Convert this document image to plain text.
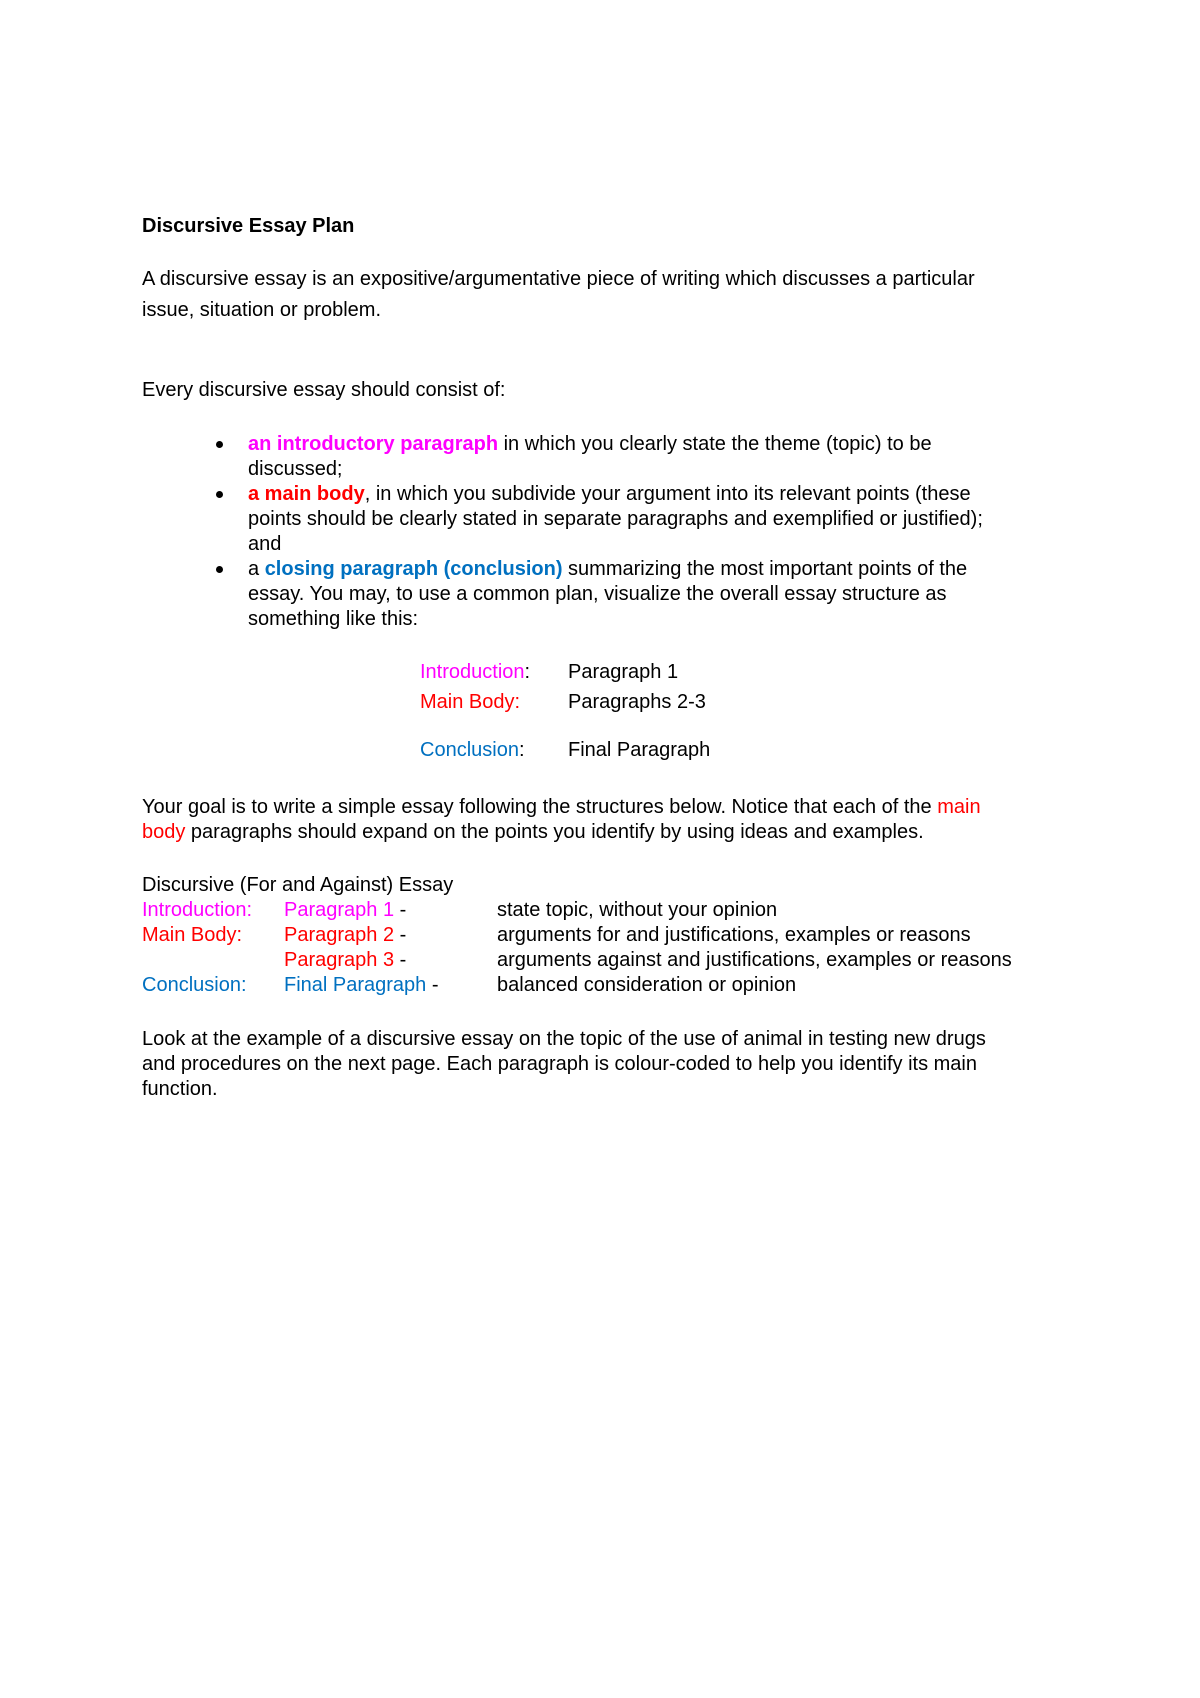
Discursive Essay Plan
A discursive essay is an expositive/argumentative piece of writing which discusses a particular
issue, situation or problem.
Every discursive essay should consist of:
an introductory paragraph in which you clearly state the theme (topic) to be
discussed;
a main body, in which you subdivide your argument into its relevant points (these
points should be clearly stated in separate paragraphs and exemplified or justified);
and
a closing paragraph (conclusion) summarizing the most important points of the
essay. You may, to use a common plan, visualize the overall essay structure as
something like this:
Introduction: Paragraph 1
Main Body: Paragraphs 2-3
Conclusion: Final Paragraph
Your goal is to write a simple essay following the structures below. Notice that each of the main
body paragraphs should expand on the points you identify by using ideas and examples.
Discursive (For and Against) Essay
Introduction: Paragraph 1 -	state topic, without your opinion
Main Body: Paragraph 2 -	arguments for and justifications, examples or reasons
Paragraph 3 -	arguments against and justifications, examples or reasons
Conclusion: Final Paragraph -	balanced consideration or opinion
Look at the example of a discursive essay on the topic of the use of animal in testing new drugs
and procedures on the next page. Each paragraph is colour-coded to help you identify its main
function.
